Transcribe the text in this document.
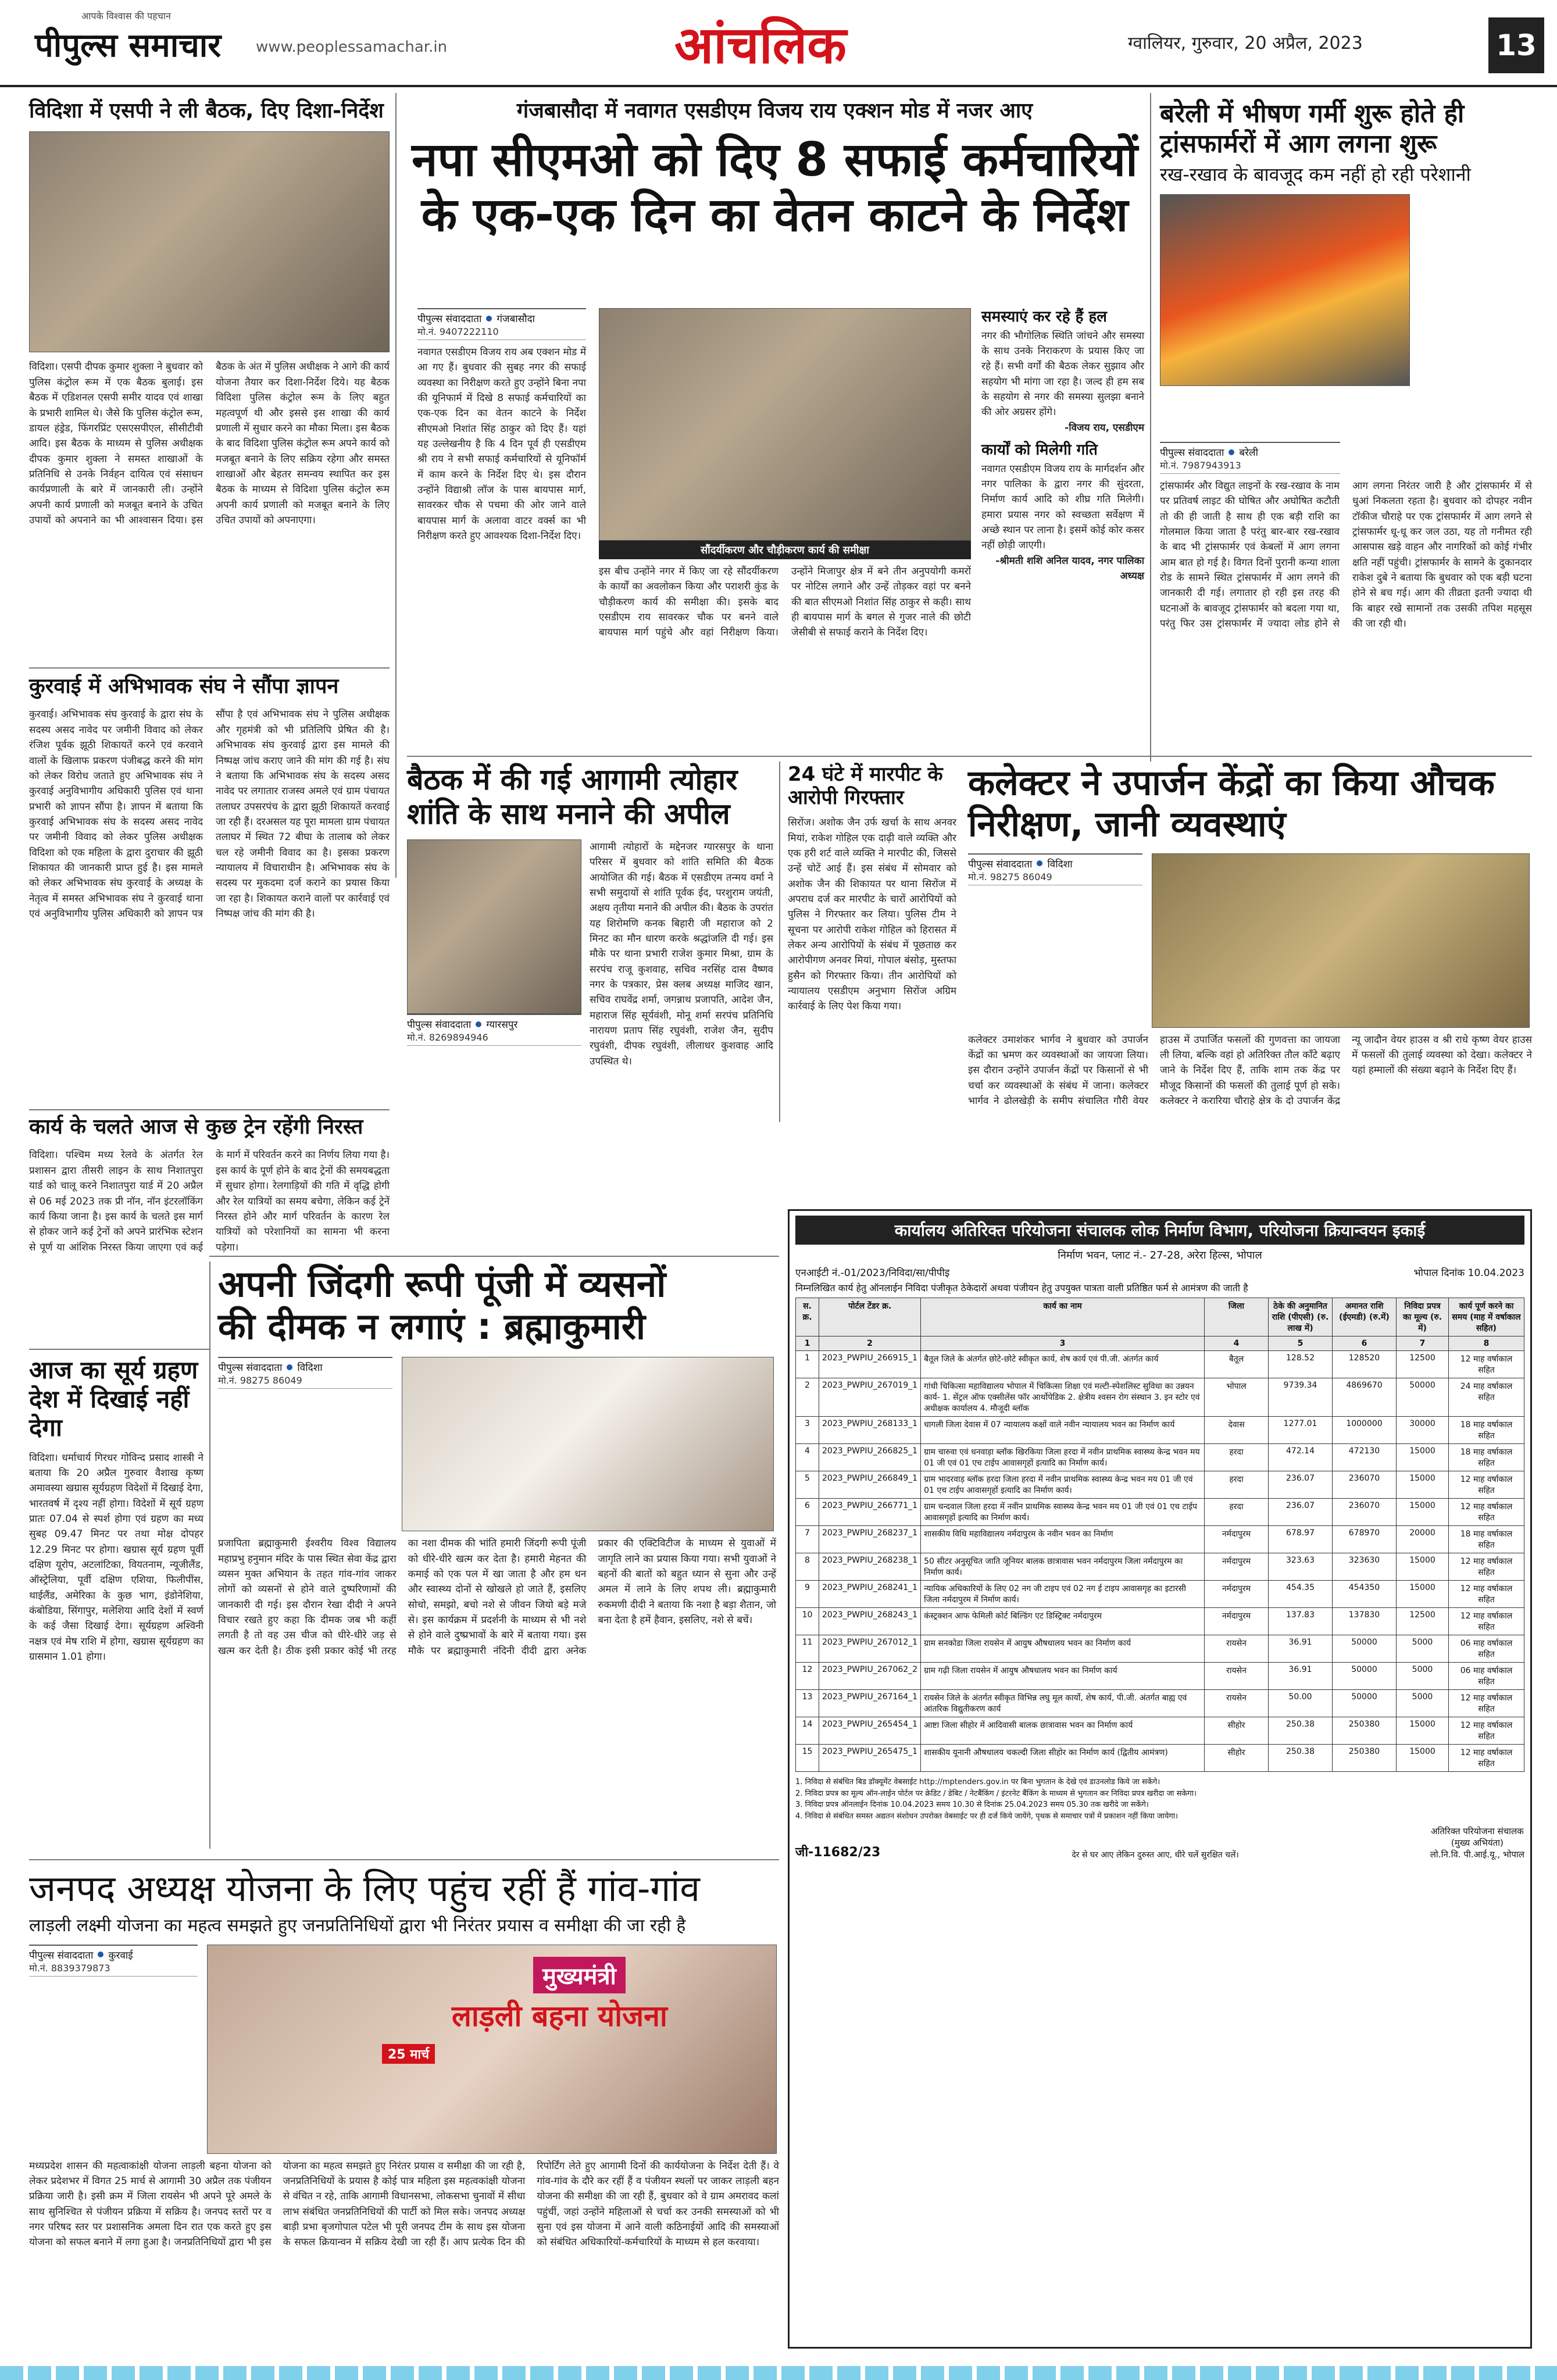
पीपुल्स समाचार
आपके विश्वास की पहचान
www.peoplessamachar.in	आंचलिक	ग्वालियर, गुरुवार, 20 अप्रैल, 2023	13
विदिशा में एसपी ने ली बैठक, दिए दिशा-निर्देश
विदिशा। एसपी दीपक कुमार शुक्ला ने बुधवार को पुलिस कंट्रोल रूम में एक बैठक बुलाई। इस बैठक में एडिशनल एसपी समीर यादव एवं शाखा के प्रभारी शामिल थे। जैसे कि पुलिस कंट्रोल रूम, डायल हंड्रेड, फिंगरप्रिंट एसएसपीएल, सीसीटीवी आदि। इस बैठक के माध्यम से पुलिस अधीक्षक दीपक कुमार शुक्ला ने समस्त शाखाओं के प्रतिनिधि से उनके निर्वहन दायित्व एवं संसाधन कार्यप्रणाली के बारे में जानकारी ली। उन्होंने अपनी कार्य प्रणाली को मजबूत बनाने के उचित उपायों को अपनाने का भी आश्वासन दिया। इस बैठक के अंत में पुलिस अधीक्षक ने आगे की कार्य योजना तैयार कर दिशा-निर्देश दिये। यह बैठक विदिशा पुलिस कंट्रोल रूम के लिए बहुत महत्वपूर्ण थी और इससे इस शाखा की कार्य प्रणाली में सुधार करने का मौका मिला। इस बैठक के बाद विदिशा पुलिस कंट्रोल रूम अपने कार्य को मजबूत बनाने के लिए सक्रिय रहेगा और समस्त शाखाओं और बेहतर समन्वय स्थापित कर इस बैठक के माध्यम से विदिशा पुलिस कंट्रोल रूम अपनी कार्य प्रणाली को मजबूत बनाने के लिए उचित उपायों को अपनाएगा।
कुरवाई में अभिभावक संघ ने सौंपा ज्ञापन
कुरवाई। अभिभावक संघ कुरवाई के द्वारा संघ के सदस्य असद नावेद पर जमीनी विवाद को लेकर रंजिश पूर्वक झूठी शिकायतें करने एवं करवाने वालों के खिलाफ प्रकरण पंजीबद्ध करने की मांग को लेकर विरोध जताते हुए अभिभावक संघ ने कुरवाई अनुविभागीय अधिकारी पुलिस एवं थाना प्रभारी को ज्ञापन सौंपा है। ज्ञापन में बताया कि कुरवाई अभिभावक संघ के सदस्य असद नावेद पर जमीनी विवाद को लेकर पुलिस अधीक्षक विदिशा को एक महिला के द्वारा दुराचार की झूठी शिकायत की जानकारी प्राप्त हुई है। इस मामले को लेकर अभिभावक संघ कुरवाई के अध्यक्ष के नेतृत्व में समस्त अभिभावक संघ ने कुरवाई थाना एवं अनुविभागीय पुलिस अधिकारी को ज्ञापन पत्र सौंपा है एवं अभिभावक संघ ने पुलिस अधीक्षक और गृहमंत्री को भी प्रतिलिपि प्रेषित की है। अभिभावक संघ कुरवाई द्वारा इस मामले की निष्पक्ष जांच कराए जाने की मांग की गई है। संघ ने बताया कि अभिभावक संघ के सदस्य असद नावेद पर लगातार राजस्व अमले एवं ग्राम पंचायत तलाघर उपसरपंच के द्वारा झूठी शिकायतें करवाई जा रही हैं। दरअसल यह पूरा मामला ग्राम पंचायत तलाघर में स्थित 72 बीघा के तालाब को लेकर चल रहे जमीनी विवाद का है। इसका प्रकरण न्यायालय में विचाराधीन है। अभिभावक संघ के सदस्य पर मुकदमा दर्ज कराने का प्रयास किया जा रहा है। शिकायत कराने वालों पर कार्रवाई एवं निष्पक्ष जांच की मांग की है।
कार्य के चलते आज से कुछ ट्रेन रहेंगी निरस्त
विदिशा। पश्चिम मध्य रेलवे के अंतर्गत रेल प्रशासन द्वारा तीसरी लाइन के साथ निशातपुरा यार्ड को चालू करने निशातपुरा यार्ड में 20 अप्रैल से 06 मई 2023 तक प्री नॉन, नॉन इंटरलॉकिंग कार्य किया जाना है। इस कार्य के चलते इस मार्ग से होकर जाने कई ट्रेनों को अपने प्रारंभिक स्टेशन से पूर्ण या आंशिक निरस्त किया जाएगा एवं कई के मार्ग में परिवर्तन करने का निर्णय लिया गया है। इस कार्य के पूर्ण होने के बाद ट्रेनों की समयबद्धता में सुधार होगा। रेलगाड़ियों की गति में वृद्धि होगी और रेल यात्रियों का समय बचेगा, लेकिन कई ट्रेनें निरस्त होने और मार्ग परिवर्तन के कारण रेल यात्रियों को परेशानियों का सामना भी करना पड़ेगा।
आज का सूर्य ग्रहण देश में दिखाई नहीं देगा
विदिशा। धर्माचार्य गिरधर गोविन्द प्रसाद शास्त्री ने बताया कि 20 अप्रैल गुरुवार वैशाख कृष्ण अमावस्या खग्रास सूर्यग्रहण विदेशों में दिखाई देगा, भारतवर्ष में दृश्य नहीं होगा। विदेशों में सूर्य ग्रहण प्रातः 07.04 से स्पर्श होगा एवं ग्रहण का मध्य सुबह 09.47 मिनट पर तथा मोक्ष दोपहर 12.29 मिनट पर होगा। खग्रास सूर्य ग्रहण पूर्वी दक्षिण यूरोप, अटलांटिका, वियतनाम, न्यूजीलैंड, ऑस्ट्रेलिया, पूर्वी दक्षिण एशिया, फिलीपींस, थाईलैंड, अमेरिका के कुछ भाग, इंडोनेशिया, कंबोडिया, सिंगापुर, मलेशिया आदि देशों में स्वर्ण के कई जैसा दिखाई देगा। सूर्यग्रहण अश्विनी नक्षत्र एवं मेष राशि में होगा, खग्रास सूर्यग्रहण का ग्रासमान 1.01 होगा।
गंजबासौदा में नवागत एसडीएम विजय राय एक्शन मोड में नजर आए
नपा सीएमओ को दिए 8 सफाई कर्मचारियों
के एक-एक दिन का वेतन काटने के निर्देश
पीपुल्स संवाददाता गंजबासौदा
मो.नं. 9407222110
नवागत एसडीएम विजय राय अब एक्शन मोड में आ गए हैं। बुधवार की सुबह नगर की सफाई व्यवस्था का निरीक्षण करते हुए उन्होंने बिना नपा की यूनिफार्म में दिखे 8 सफाई कर्मचारियों का एक-एक दिन का वेतन काटने के निर्देश सीएमओ निशांत सिंह ठाकुर को दिए हैं। यहां यह उल्लेखनीय है कि 4 दिन पूर्व ही एसडीएम श्री राय ने सभी सफाई कर्मचारियों से यूनिफॉर्म में काम करने के निर्देश दिए थे। इस दौरान उन्होंने विद्याश्री लॉज के पास बायपास मार्ग, सावरकर चौक से पचमा की ओर जाने वाले बायपास मार्ग के अलावा वाटर वर्क्स का भी निरीक्षण करते हुए आवश्यक दिशा-निर्देश दिए।
सौंदर्यीकरण और चौड़ीकरण कार्य की समीक्षा
इस बीच उन्होंने नगर में किए जा रहे सौंदर्यीकरण के कार्यों का अवलोकन किया और पराशरी कुंड के चौड़ीकरण कार्य की समीक्षा की। इसके बाद एसडीएम राय सावरकर चौक पर बनने वाले बायपास मार्ग पहुंचे और वहां निरीक्षण किया। उन्होंने मिजापुर क्षेत्र में बने तीन अनुपयोगी कमरों पर नोटिस लगाने और उन्हें तोड़कर वहां पर बनने की बात सीएमओ निशांत सिंह ठाकुर से कही। साथ ही बायपास मार्ग के बगल से गुजर नाले की छोटी जेसीबी से सफाई कराने के निर्देश दिए।
समस्याएं कर रहे हैं हल
नगर की भौगोलिक स्थिति जांचने और समस्या के साथ उनके निराकरण के प्रयास किए जा रहे हैं। सभी वर्गों की बैठक लेकर सुझाव और सहयोग भी मांगा जा रहा है। जल्द ही हम सब के सहयोग से नगर की समस्या सुलझा बनाने की ओर अग्रसर होंगे।
-विजय राय, एसडीएम
कार्यों को मिलेगी गति
नवागत एसडीएम विजय राय के मार्गदर्शन और नगर पालिका के द्वारा नगर की सुंदरता, निर्माण कार्य आदि को शीघ्र गति मिलेगी। हमारा प्रयास नगर को स्वच्छता सर्वेक्षण में अच्छे स्थान पर लाना है। इसमें कोई कोर कसर नहीं छोड़ी जाएगी।
-श्रीमती शशि अनिल यादव, नगर पालिका अध्यक्ष
बरेली में भीषण गर्मी शुरू होते ही ट्रांसफार्मरों में आग लगना शुरू
रख-रखाव के बावजूद कम नहीं हो रही परेशानी
पीपुल्स संवाददाता बरेली
मो.नं. 7987943913
ट्रांसफार्मर और विद्युत लाइनों के रख-रखाव के नाम पर प्रतिवर्ष लाइट की घोषित और अघोषित कटौती तो की ही जाती है साथ ही एक बड़ी राशि का गोलमाल किया जाता है परंतु बार-बार रख-रखाव के बाद भी ट्रांसफार्मर एवं केबलों में आग लगना आम बात हो गई है। विगत दिनों पुरानी कन्या शाला रोड के सामने स्थित ट्रांसफार्मर में आग लगने की जानकारी दी गई। लगातार हो रही इस तरह की घटनाओं के बावजूद ट्रांसफार्मर को बदला गया था, परंतु फिर उस ट्रांसफार्मर में ज्यादा लोड होने से आग लगना निरंतर जारी है और ट्रांसफार्मर में से धुआं निकलता रहता है। बुधवार को दोपहर नवीन टॉकीज चौराहे पर एक ट्रांसफार्मर में आग लगने से ट्रांसफार्मर धू-धू कर जल उठा, यह तो गनीमत रही आसपास खड़े वाहन और नागरिकों को कोई गंभीर क्षति नहीं पहुंची। ट्रांसफार्मर के सामने के दुकानदार राकेश दुबे ने बताया कि बुधवार को एक बड़ी घटना होने से बच गई। आग की तीव्रता इतनी ज्यादा थी कि बाहर रखे सामानों तक उसकी तपिश महसूस की जा रही थी।
बैठक में की गई आगामी त्योहार शांति के साथ मनाने की अपील
पीपुल्स संवाददाता ग्यारसपुर
मो.नं. 8269894946
आगामी त्योहारों के मद्देनजर ग्यारसपुर के थाना परिसर में बुधवार को शांति समिति की बैठक आयोजित की गई। बैठक में एसडीएम तन्मय वर्मा ने सभी समुदायों से शांति पूर्वक ईद, परशुराम जयंती, अक्षय तृतीया मनाने की अपील की। बैठक के उपरांत यह शिरोमणि कनक बिहारी जी महाराज को 2 मिनट का मौन धारण करके श्रद्धांजलि दी गई। इस मौके पर थाना प्रभारी राजेश कुमार मिश्रा, ग्राम के सरपंच राजू कुशवाह, सचिव नरसिंह दास वैष्णव नगर के पत्रकार, प्रेस क्लब अध्यक्ष माजिद खान, सचिव राघवेंद्र शर्मा, जगन्नाथ प्रजापति, आदेश जैन, महाराज सिंह सूर्यवंशी, मोनू शर्मा सरपंच प्रतिनिधि नारायण प्रताप सिंह रघुवंशी, राजेश जैन, सुदीप रघुवंशी, दीपक रघुवंशी, लीलाधर कुशवाह आदि उपस्थित थे।
24 घंटे में मारपीट के आरोपी गिरफ्तार
सिरोंज। अशोक जैन उर्फ खर्चा के साथ अनवर मियां, राकेश गोहिल एक दाढ़ी वाले व्यक्ति और एक हरी शर्ट वाले व्यक्ति ने मारपीट की, जिससे उन्हें चोटें आई हैं। इस संबंध में सोमवार को अशोक जैन की शिकायत पर थाना सिरोंज में अपराध दर्ज कर मारपीट के चारों आरोपियों को पुलिस ने गिरफ्तार कर लिया। पुलिस टीम ने सूचना पर आरोपी राकेश गोहिल को हिरासत में लेकर अन्य आरोपियों के संबंध में पूछताछ कर आरोपीगण अनवर मियां, गोपाल बंसोड़, मुस्तफा हुसैन को गिरफ्तार किया। तीन आरोपियों को न्यायालय एसडीएम अनुभाग सिरोंज अग्रिम कार्रवाई के लिए पेश किया गया।
कलेक्टर ने उपार्जन केंद्रों का किया औचक निरीक्षण, जानी व्यवस्थाएं
पीपुल्स संवाददाता विदिशा
मो.नं. 98275 86049
कलेक्टर उमाशंकर भार्गव ने बुधवार को उपार्जन केंद्रों का भ्रमण कर व्यवस्थाओं का जायजा लिया। इस दौरान उन्होंने उपार्जन केंद्रों पर किसानों से भी चर्चा कर व्यवस्थाओं के संबंध में जाना। कलेक्टर भार्गव ने ढोलखेड़ी के समीप संचालित गौरी वेयर हाउस में उपार्जित फसलों की गुणवत्ता का जायजा ली लिया, बल्कि वहां हो अतिरिक्त तौल काँटे बढ़ाए जाने के निर्देश दिए हैं, ताकि शाम तक केंद्र पर मौजूद किसानों की फसलों की तुलाई पूर्ण हो सके। कलेक्टर ने करारिया चौराहे क्षेत्र के दो उपार्जन केंद्र न्यू जादौन वेयर हाउस व श्री राधे कृष्ण वेयर हाउस में फसलों की तुलाई व्यवस्था को देखा। कलेक्टर ने यहां हम्मालों की संख्या बढ़ाने के निर्देश दिए हैं।
अपनी जिंदगी रूपी पूंजी में व्यसनों
की दीमक न लगाएं : ब्रह्माकुमारी
पीपुल्स संवाददाता विदिशा
मो.नं. 98275 86049
प्रजापिता ब्रह्माकुमारी ईश्वरीय विश्व विद्यालय महाप्रभु हनुमान मंदिर के पास स्थित सेवा केंद्र द्वारा व्यसन मुक्त अभियान के तहत गांव-गांव जाकर लोगों को व्यसनों से होने वाले दुष्परिणामों की जानकारी दी गई। इस दौरान रेखा दीदी ने अपने विचार रखते हुए कहा कि दीमक जब भी कहीं लगती है तो वह उस चीज को धीरे-धीरे जड़ से खत्म कर देती है। ठीक इसी प्रकार कोई भी तरह का नशा दीमक की भांति हमारी जिंदगी रूपी पूंजी को धीरे-धीरे खत्म कर देता है। हमारी मेहनत की कमाई को एक पल में खा जाता है और हम धन और स्वास्थ्य दोनों से खोखले हो जाते हैं, इसलिए सोचो, समझो, बचो नशे से जीवन जियो बड़े मजे से। इस कार्यक्रम में प्रदर्शनी के माध्यम से भी नशे से होने वाले दुष्प्रभावों के बारे में बताया गया। इस मौके पर ब्रह्माकुमारी नंदिनी दीदी द्वारा अनेक प्रकार की एक्टिविटीज के माध्यम से युवाओं में जागृति लाने का प्रयास किया गया। सभी युवाओं ने बहनों की बातों को बहुत ध्यान से सुना और उन्हें अमल में लाने के लिए शपथ ली। ब्रह्माकुमारी रुकमणी दीदी ने बताया कि नशा है बड़ा शैतान, जो बना देता है हमें हैवान, इसलिए, नशे से बचें।
जनपद अध्यक्ष योजना के लिए पहुंच रहीं हैं गांव-गांव
लाड़ली लक्ष्मी योजना का महत्व समझते हुए जनप्रतिनिधियों द्वारा भी निरंतर प्रयास व समीक्षा की जा रही है
पीपुल्स संवाददाता कुरवाई
मो.नं. 8839379873	मुख्यमंत्री
लाड़ली बहना योजना
25 मार्च
मध्यप्रदेश शासन की महत्वाकांक्षी योजना लाड़ली बहना योजना को लेकर प्रदेशभर में विगत 25 मार्च से आगामी 30 अप्रैल तक पंजीयन प्रक्रिया जारी है। इसी क्रम में जिला रायसेन भी अपने पूरे अमले के साथ सुनिश्चित से पंजीयन प्रक्रिया में सक्रिय है। जनपद स्तरों पर व नगर परिषद स्तर पर प्रशासनिक अमला दिन रात एक करते हुए इस योजना को सफल बनाने में लगा हुआ है। जनप्रतिनिधियों द्वारा भी इस योजना का महत्व समझते हुए निरंतर प्रयास व समीक्षा की जा रही है, जनप्रतिनिधियों के प्रयास है कोई पात्र महिला इस महत्वकांक्षी योजना से वंचित न रहे, ताकि आगामी विधानसभा, लोकसभा चुनावों में सीधा लाभ संबंधित जनप्रतिनिधियों की पार्टी को मिल सके। जनपद अध्यक्ष बाड़ी प्रभा बृजगोपाल पटेल भी पूरी जनपद टीम के साथ इस योजना के सफल क्रियान्वन में सक्रिय देखी जा रही हैं। आप प्रत्येक दिन की रिपोर्टिंग लेते हुए आगामी दिनों की कार्ययोजना के निर्देश देती हैं। वे गांव-गांव के दौरे कर रहीं हैं व पंजीयन स्थलों पर जाकर लाड़ली बहन योजना की समीक्षा की जा रही हैं, बुधवार को वे ग्राम अमरावद कलां पहुंचीं, जहां उन्होंने महिलाओं से चर्चा कर उनकी समस्याओं को भी सुना एवं इस योजना में आने वाली कठिनाईयों आदि की समस्याओं को संबंधित अधिकारियों-कर्मचारियों के माध्यम से हल करवाया।
कार्यालय अतिरिक्त परियोजना संचालक लोक निर्माण विभाग, परियोजना क्रियान्वयन इकाई
निर्माण भवन, प्लाट नं.- 27-28, अरेरा हिल्स, भोपाल
एनआईटी नं.-01/2023/निविदा/सा/पीपीइ	भोपाल दिनांक 10.04.2023
निम्नलिखित कार्य हेतु ऑनलाईन निविदा पंजीकृत ठेकेदारों अथवा पंजीयन हेतु उपयुक्त पात्रता वाली प्रतिष्ठित फर्म से आमंत्रण की जाती है
स. क्र.	पोर्टल टेंडर क्र.	कार्य का नाम	जिला	ठेके की अनुमानित राशि (पीएसी) (रु. लाख में)	अमानत राशि (ईएमडी) (रु.में)	निविदा प्रपत्र का मूल्य (रु. में)	कार्य पूर्ण करने का समय (माह में वर्षाकाल सहित)
1	2	3	4	5	6	7	8
1	2023_PWPIU_266915_1	बैतूल जिले के अंतर्गत छोटे-छोटे स्वीकृत कार्य, शेष कार्य एवं पी.जी. अंतर्गत कार्य	बैतूल	128.52	128520	12500	12 माह वर्षाकाल सहित
2	2023_PWPIU_267019_1	गांधी चिकित्सा महाविद्यालय भोपाल में चिकित्सा शिक्षा एवं मल्टी-स्पेशलिस्ट सुविधा का उन्नयन कार्य- 1. सेंट्रल ऑफ एक्सीलेंस फॉर आर्थोपेडिक 2. क्षेत्रीय श्वसन रोग संस्थान 3. इन स्टोर एवं अधीक्षक कार्यालय 4. मौजूदी ब्लॉक	भोपाल	9739.34	4869670	50000	24 माह वर्षाकाल सहित
3	2023_PWPIU_268133_1	धागली जिला देवास में 07 न्यायालय कक्षों वाले नवीन न्यायालय भवन का निर्माण कार्य	देवास	1277.01	1000000	30000	18 माह वर्षाकाल सहित
4	2023_PWPIU_266825_1	ग्राम चारुवा एवं धनवाड़ा ब्लॉक खिरकिया जिला हरदा में नवीन प्राथमिक स्वास्थ्य केन्द्र भवन मय 01 जी एवं 01 एच टाईप आवासगृहों इत्यादि का निर्माण कार्य।	हरदा	472.14	472130	15000	18 माह वर्षाकाल सहित
5	2023_PWPIU_266849_1	ग्राम भादरवाड़ ब्लॉक हरदा जिला हरदा में नवीन प्राथमिक स्वास्थ्य केन्द्र भवन मय 01 जी एवं 01 एच टाईप आवासगृहों इत्यादि का निर्माण कार्य।	हरदा	236.07	236070	15000	12 माह वर्षाकाल सहित
6	2023_PWPIU_266771_1	ग्राम चन्दवाल जिला हरदा में नवीन प्राथमिक स्वास्थ्य केन्द्र भवन मय 01 जी एवं 01 एच टाईप आवासगृहों इत्यादि का निर्माण कार्य।	हरदा	236.07	236070	15000	12 माह वर्षाकाल सहित
7	2023_PWPIU_268237_1	शासकीय विधि महाविद्यालय नर्मदापुरम के नवीन भवन का निर्माण	नर्मदापुरम	678.97	678970	20000	18 माह वर्षाकाल सहित
8	2023_PWPIU_268238_1	50 सीटर अनुसूचित जाति जूनियर बालक छात्रावास भवन नर्मदापुरम जिला नर्मदापुरम का निर्माण कार्य।	नर्मदापुरम	323.63	323630	15000	12 माह वर्षाकाल सहित
9	2023_PWPIU_268241_1	न्यायिक अधिकारियों के लिए 02 नग जी टाइप एवं 02 नग ई टाइप आवासगृह का इटारसी जिला नर्मदापुरम में निर्माण कार्य।	नर्मदापुरम	454.35	454350	15000	12 माह वर्षाकाल सहित
10	2023_PWPIU_268243_1	कंस्ट्रक्शन आफ फेमिली कोर्ट बिल्डिंग एट डिस्ट्रिक्ट नर्मदापुरम	नर्मदापुरम	137.83	137830	12500	12 माह वर्षाकाल सहित
11	2023_PWPIU_267012_1	ग्राम सनकोडा जिला रायसेन में आयुष औषधालय भवन का निर्माण कार्य	रायसेन	36.91	50000	5000	06 माह वर्षाकाल सहित
12	2023_PWPIU_267062_2	ग्राम गढ़ी जिला रायसेन में आयुष औषधालय भवन का निर्माण कार्य	रायसेन	36.91	50000	5000	06 माह वर्षाकाल सहित
13	2023_PWPIU_267164_1	रायसेन जिले के अंतर्गत स्वीकृत विभिन्न लघु मूल कार्यो, शेष कार्य, पी.जी. अंतर्गत बाह्य एवं आंतरिक विद्युतीकरण कार्य	रायसेन	50.00	50000	5000	12 माह वर्षाकाल सहित
14	2023_PWPIU_265454_1	आष्टा जिला सीहोर में आदिवासी बालक छात्रावास भवन का निर्माण कार्य	सीहोर	250.38	250380	15000	12 माह वर्षाकाल सहित
15	2023_PWPIU_265475_1	शासकीय यूनानी औषधालय चकल्दी जिला सीहोर का निर्माण कार्य (द्वितीय आमंत्रण)	सीहोर	250.38	250380	15000	12 माह वर्षाकाल सहित
1. निविदा से संबंधित बिड डॉक्यूमेंट वेबसाईट http://mptenders.gov.in पर बिना भुगतान के देखे एवं डाउनलोड किये जा सकेंगे।
2. निविदा प्रपत्र का मूल्य ऑन-लाईन पोर्टल पर क्रेडिट / डेबिट / नेटबैंकिंग / इंटरनेट बैंकिंग के माध्यम से भुगतान कर निविदा प्रपत्र खरीदा जा सकेगा।
3. निविदा प्रपत्र ऑनलाईन दिनांक 10.04.2023 समय 10.30 से दिनांक 25.04.2023 समय 05.30 तक खरीदे जा सकेंगे।
4. निविदा से संबंधित समस्त अद्यतन संशोधन उपरोक्त वेबसाईट पर ही दर्ज किये जायेंगे, पृथक से समाचार पत्रों में प्रकाशन नहीं किया जायेगा।
जी-11682/23	देर से घर आए लेकिन दुरुस्त आए, धीरे चलें सुरक्षित चलें।
अतिरिक्त परियोजना संचालक
(मुख्य अभियंता)
लो.नि.वि. पी.आई.यू., भोपाल
